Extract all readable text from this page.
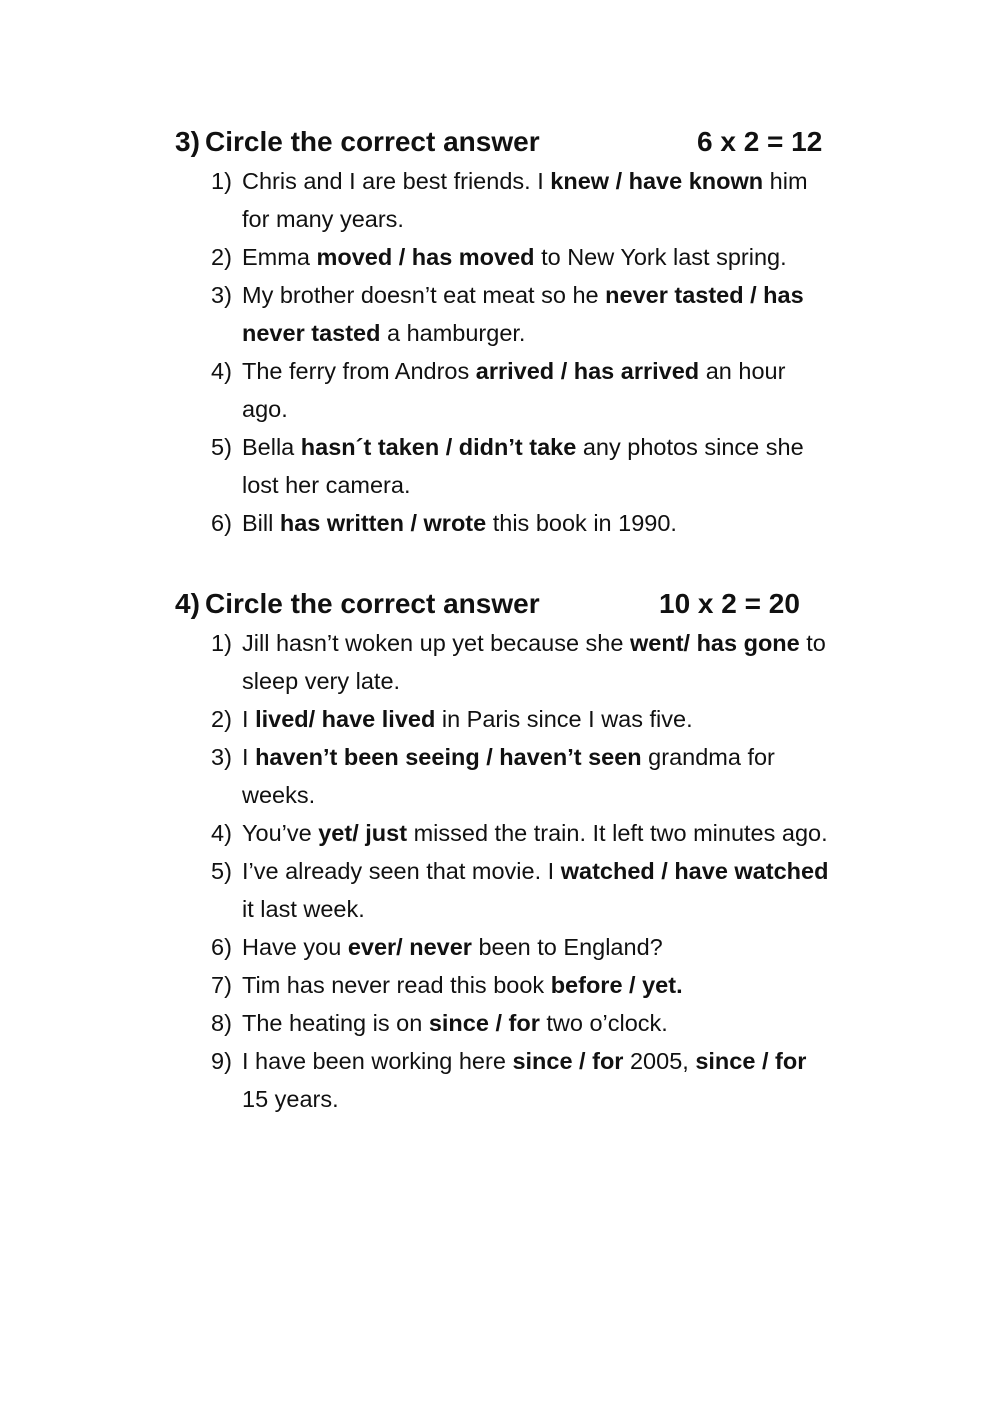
3) Circle the correct answer	6 x 2 = 12
1) Chris and I are best friends. I knew / have known him for many years.
2) Emma moved / has moved to New York last spring.
3) My brother doesn’t eat meat so he never tasted / has never tasted a hamburger.
4) The ferry from Andros arrived / has arrived an hour ago.
5) Bella hasn´t taken / didn’t take any photos since she lost her camera.
6) Bill has written / wrote this book in 1990.
4) Circle the correct answer	10 x 2 = 20
1) Jill hasn’t woken up yet because she went/ has gone to sleep very late.
2) I lived/ have lived in Paris since I was five.
3) I haven’t been seeing / haven’t seen grandma for weeks.
4) You’ve yet/ just missed the train. It left two minutes ago.
5) I’ve already seen that movie. I watched / have watched it last week.
6) Have you ever/ never been to England?
7) Tim has never read this book before / yet.
8) The heating is on since / for two o’clock.
9) I have been working here since / for 2005, since / for 15 years.
